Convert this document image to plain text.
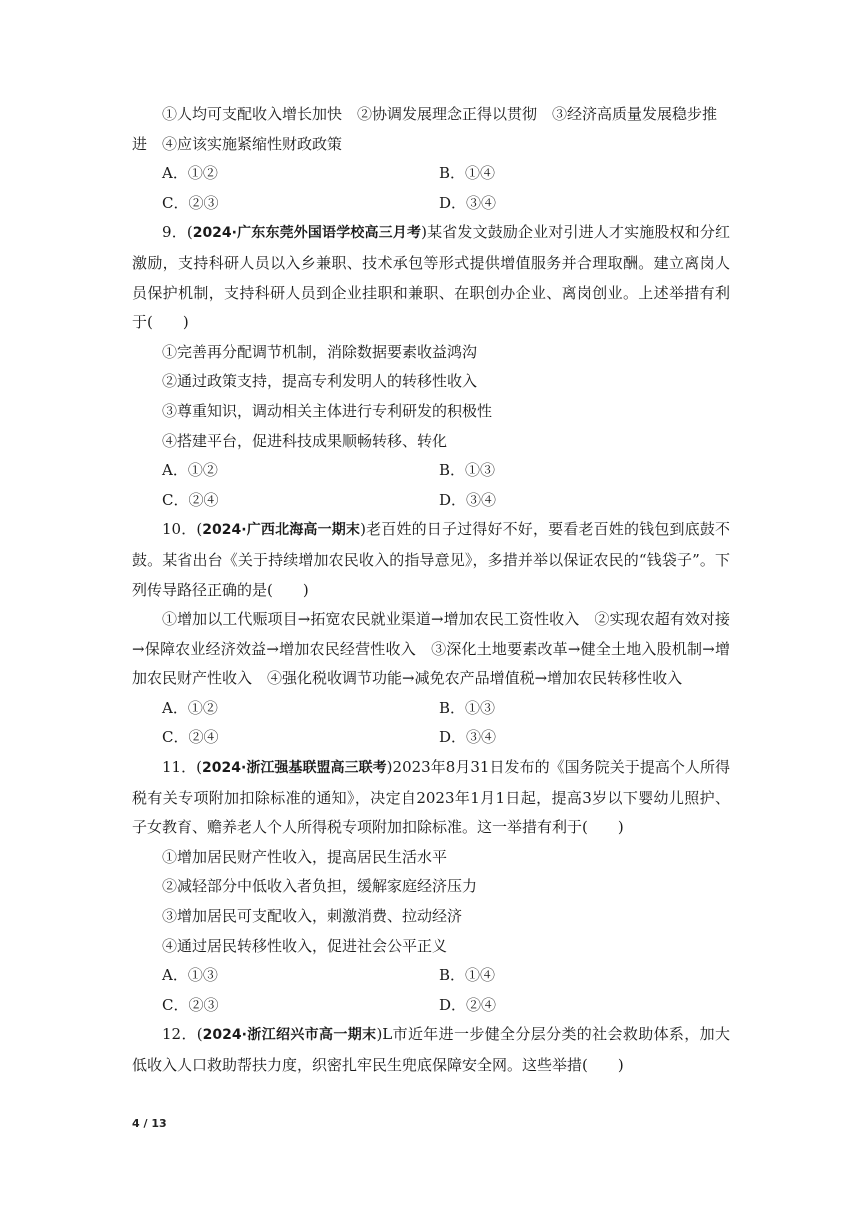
①人均可支配收入增长加快　②协调发展理念正得以贯彻　③经济高质量发展稳步推

进　④应该实施紧缩性财政政策

A．①②	B．①④
C．②③	D．③④

9．(2024·广东东莞外国语学校高三月考)某省发文鼓励企业对引进人才实施股权和分红激励，支持科研人员以入乡兼职、技术承包等形式提供增值服务并合理取酬。建立离岗人员保护机制，支持科研人员到企业挂职和兼职、在职创办企业、离岗创业。上述举措有利于(　　)

①完善再分配调节机制，消除数据要素收益鸿沟

②通过政策支持，提高专利发明人的转移性收入

③尊重知识，调动相关主体进行专利研发的积极性

④搭建平台，促进科技成果顺畅转移、转化

A．①②	B．①③
C．②④	D．③④

10．(2024·广西北海高一期末)老百姓的日子过得好不好，要看老百姓的钱包到底鼓不鼓。某省出台《关于持续增加农民收入的指导意见》，多措并举以保证农民的“钱袋子”。下列传导路径正确的是(　　)

①增加以工代赈项目→拓宽农民就业渠道→增加农民工资性收入　②实现农超有效对接→保障农业经济效益→增加农民经营性收入　③深化土地要素改革→健全土地入股机制→增加农民财产性收入　④强化税收调节功能→减免农产品增值税→增加农民转移性收入

A．①②	B．①③
C．②④	D．③④

11．(2024·浙江强基联盟高三联考)2023年8月31日发布的《国务院关于提高个人所得税有关专项附加扣除标准的通知》，决定自2023年1月1日起，提高3岁以下婴幼儿照护、子女教育、赡养老人个人所得税专项附加扣除标准。这一举措有利于(　　)

①增加居民财产性收入，提高居民生活水平

②减轻部分中低收入者负担，缓解家庭经济压力

③增加居民可支配收入，刺激消费、拉动经济

④通过居民转移性收入，促进社会公平正义

A．①③	B．①④
C．②③	D．②④

12．(2024·浙江绍兴市高一期末)L市近年进一步健全分层分类的社会救助体系，加大低收入人口救助帮扶力度，织密扎牢民生兜底保障安全网。这些举措(　　)

4 / 13
